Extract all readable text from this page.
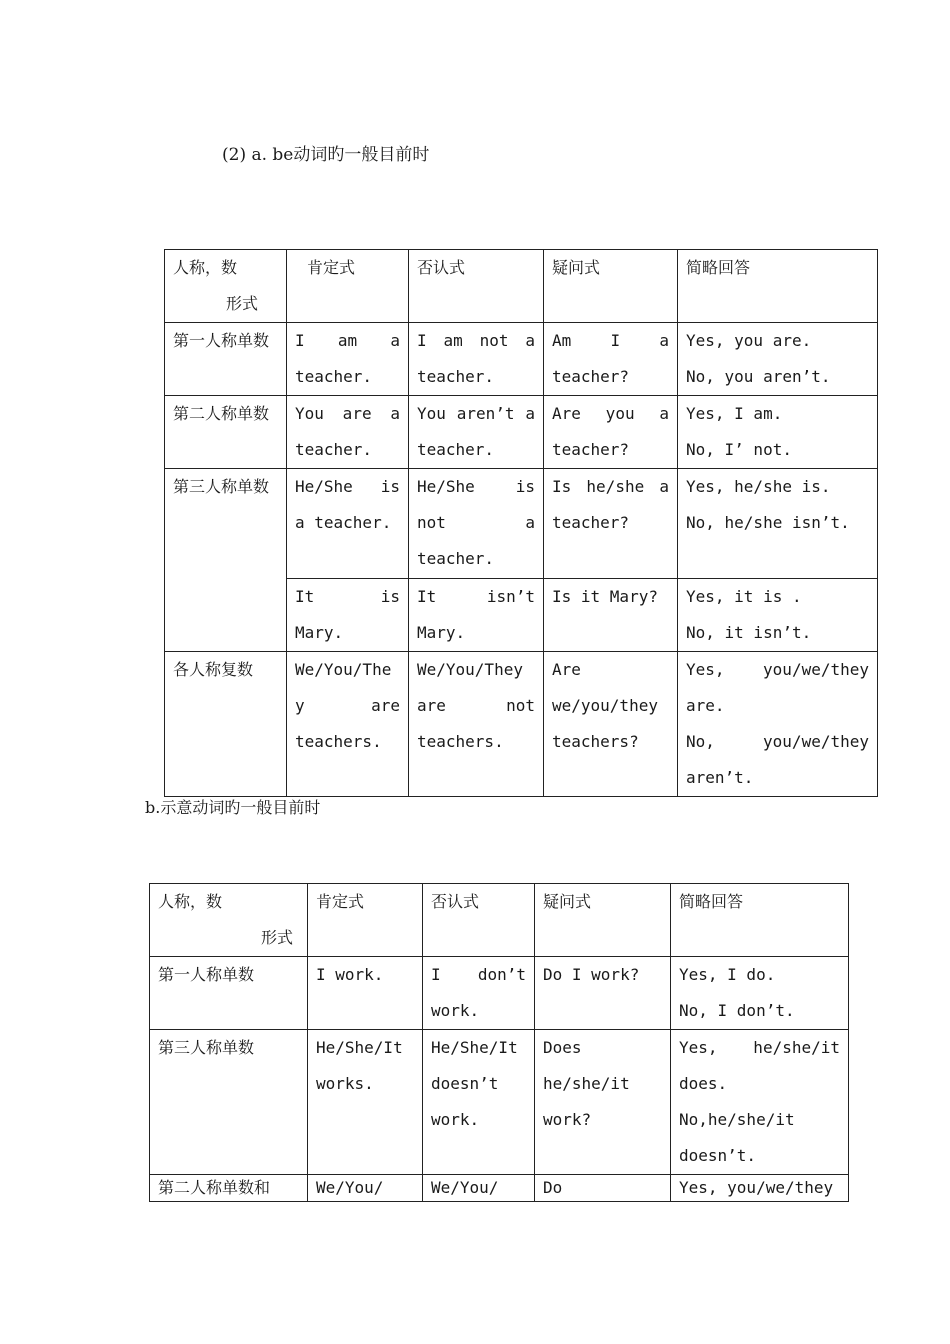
(2) a. be动词旳一般目前时
人称，数
形式	肯定式	否认式	疑问式	简略回答
第一人称单数	I am a teacher.	I am not a teacher.	Am I a teacher?	Yes, you are.
No, you aren’t.

第二人称单数	You are a teacher.	You aren’t a teacher.	Are you a teacher?	Yes, I am.
No, I’ not.

第三人称单数	He/She is a teacher.	He/She is not a teacher.	Is he/she a teacher?	Yes, he/she is.
No, he/she isn’t.

	It is Mary.	It isn’t Mary.	Is it Mary?	Yes, it is .
No, it isn’t.

各人称复数	We/You/They are teachers.	We/You/They are not teachers.	Are we/you/they teachers?	Yes, you/we/they are.
No, you/we/they aren’t.
b.示意动词旳一般目前时
人称，数
形式	肯定式	否认式	疑问式	简略回答
第一人称单数	I work.	I don’t work.	Do I work?	Yes, I do.
No, I don’t.

第三人称单数	He/She/It works.	He/She/It doesn’t work.	Does he/she/it work?	Yes, he/she/it does.
No,he/she/it doesn’t.

第二人称单数和	We/You/	We/You/	Do	Yes, you/we/they
